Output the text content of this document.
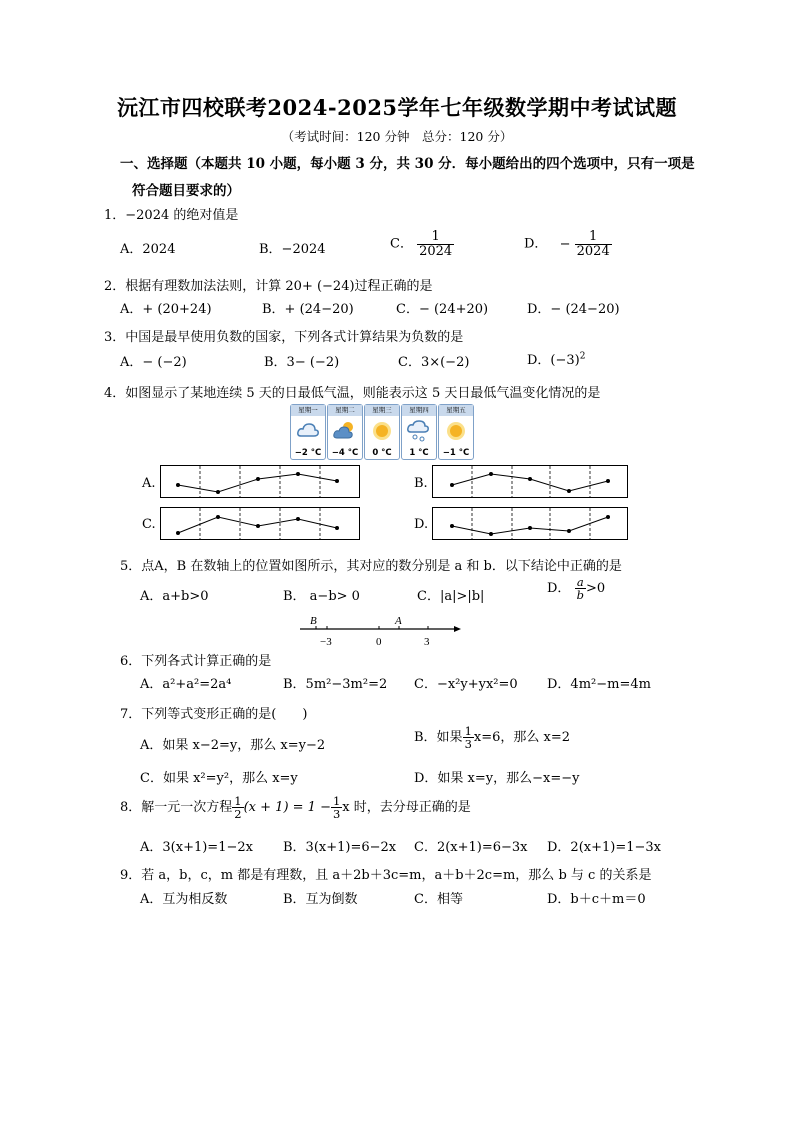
沅江市四校联考2024-2025学年七年级数学期中考试试题
（考试时间：120 分钟　总分：120 分）
一、选择题（本题共 10 小题，每小题 3 分，共 30 分．每小题给出的四个选项中，只有一项是
符合题目要求的）
1．−2024 的绝对值是
A．2024	B．−2024	C． $\frac{1}{2024}$	D． − $\frac{1}{2024}$
2．根据有理数加法法则，计算 20+ (−24)过程正确的是
A．+ (20+24)	B．+ (24−20)	C．− (24+20)	D．− (24−20)
3．中国是最早使用负数的国家，下列各式计算结果为负数的是
A．− (−2)	B．3− (−2)	C．3×(−2)	D．$(-3)^2$
4．如图显示了某地连续 5 天的日最低气温，则能表示这 5 天日最低气温变化情况的是
星期一
−2 °C
星期二
−4 °C
星期三
0 °C
星期四
1 °C
星期五
−1 °C
A.	B.
C.	D.
5．点A，B 在数轴上的位置如图所示，其对应的数分别是 a 和 b．以下结论中正确的是
A．a+b>0	B． a−b> 0	C．|a|>|b|
D． $\frac{a}{b} >0$
B	A
−3	0	3
6．下列各式计算正确的是
A．a²+a²=2a⁴	B．5m²−3m²=2 C．−x²y+yx²=0 D．4m²−m=4m
7．下列等式变形正确的是(　　)
A．如果 x−2=y，那么 x=y−2
B．如果 $\frac{1}{3} x=6$，那么 x=2
C．如果 x²=y²，那么 x=y	D．如果 x=y，那么−x=−y
8．解一元一次方程 $\frac{1}{2} (x + 1) = 1 - \frac{1}{3}$ x 时，去分母正确的是
A．3(x+1)=1−2x B．3(x+1)=6−2x C．2(x+1)=6−3x D．2(x+1)=1−3x
9．若 a，b，c，m 都是有理数，且 a＋2b＋3c=m，a＋b＋2c=m，那么 b 与 c 的关系是
A．互为相反数	B．互为倒数	C．相等	D．b＋c＋m＝0
